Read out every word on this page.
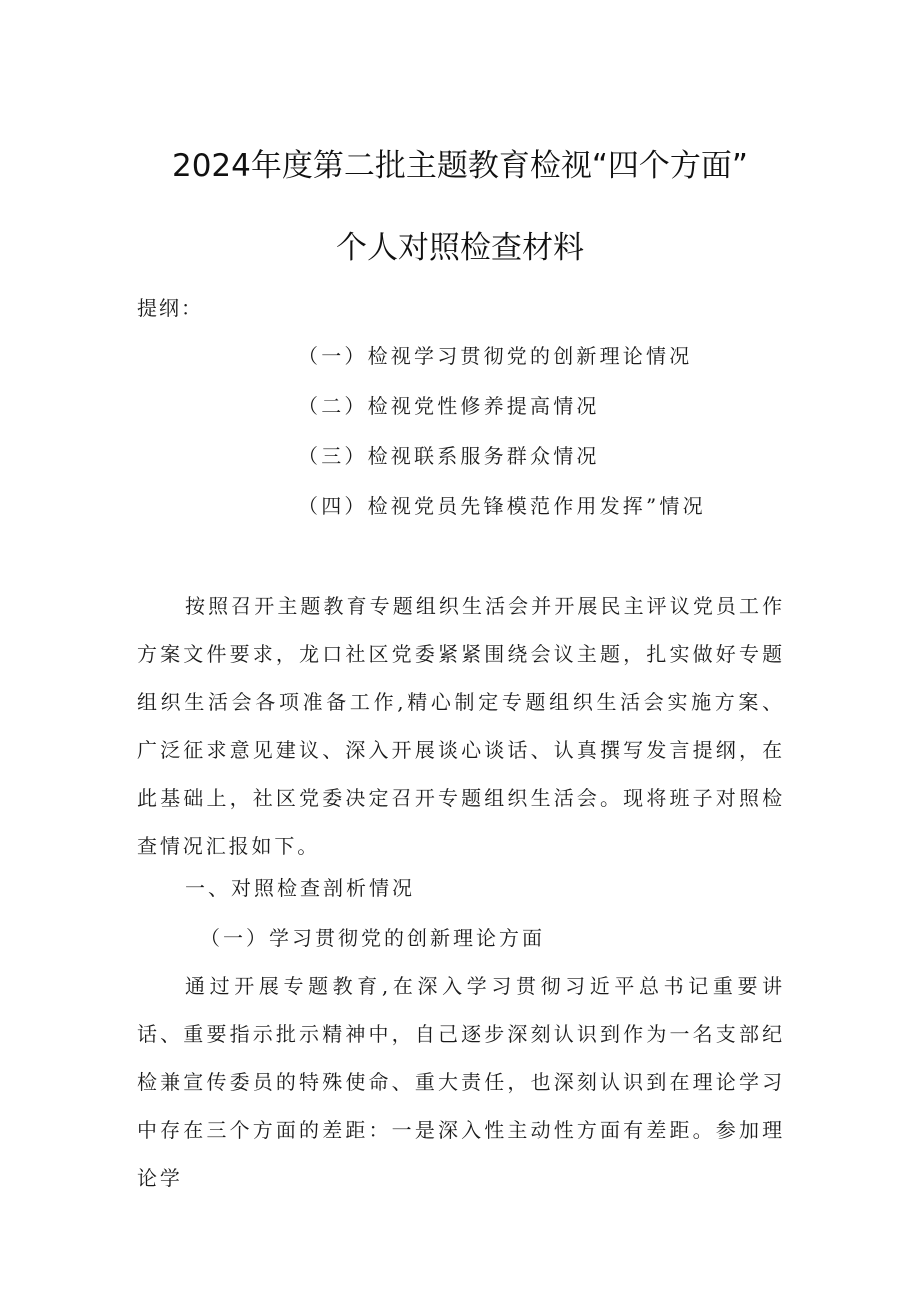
2024年度第二批主题教育检视“四个方面”
个人对照检查材料
提纲：
（一）检视学习贯彻党的创新理论情况
（二）检视党性修养提高情况
（三）检视联系服务群众情况
（四）检视党员先锋模范作用发挥”情况

按照召开主题教育专题组织生活会并开展民主评议党员工作方案文件要求，龙口社区党委紧紧围绕会议主题，扎实做好专题组织生活会各项准备工作,精心制定专题组织生活会实施方案、广泛征求意见建议、深入开展谈心谈话、认真撰写发言提纲，在此基础上，社区党委决定召开专题组织生活会。现将班子对照检查情况汇报如下。

一、对照检查剖析情况

（一）学习贯彻党的创新理论方面

通过开展专题教育,在深入学习贯彻习近平总书记重要讲话、重要指示批示精神中，自己逐步深刻认识到作为一名支部纪检兼宣传委员的特殊使命、重大责任，也深刻认识到在理论学习中存在三个方面的差距：一是深入性主动性方面有差距。参加理论学
